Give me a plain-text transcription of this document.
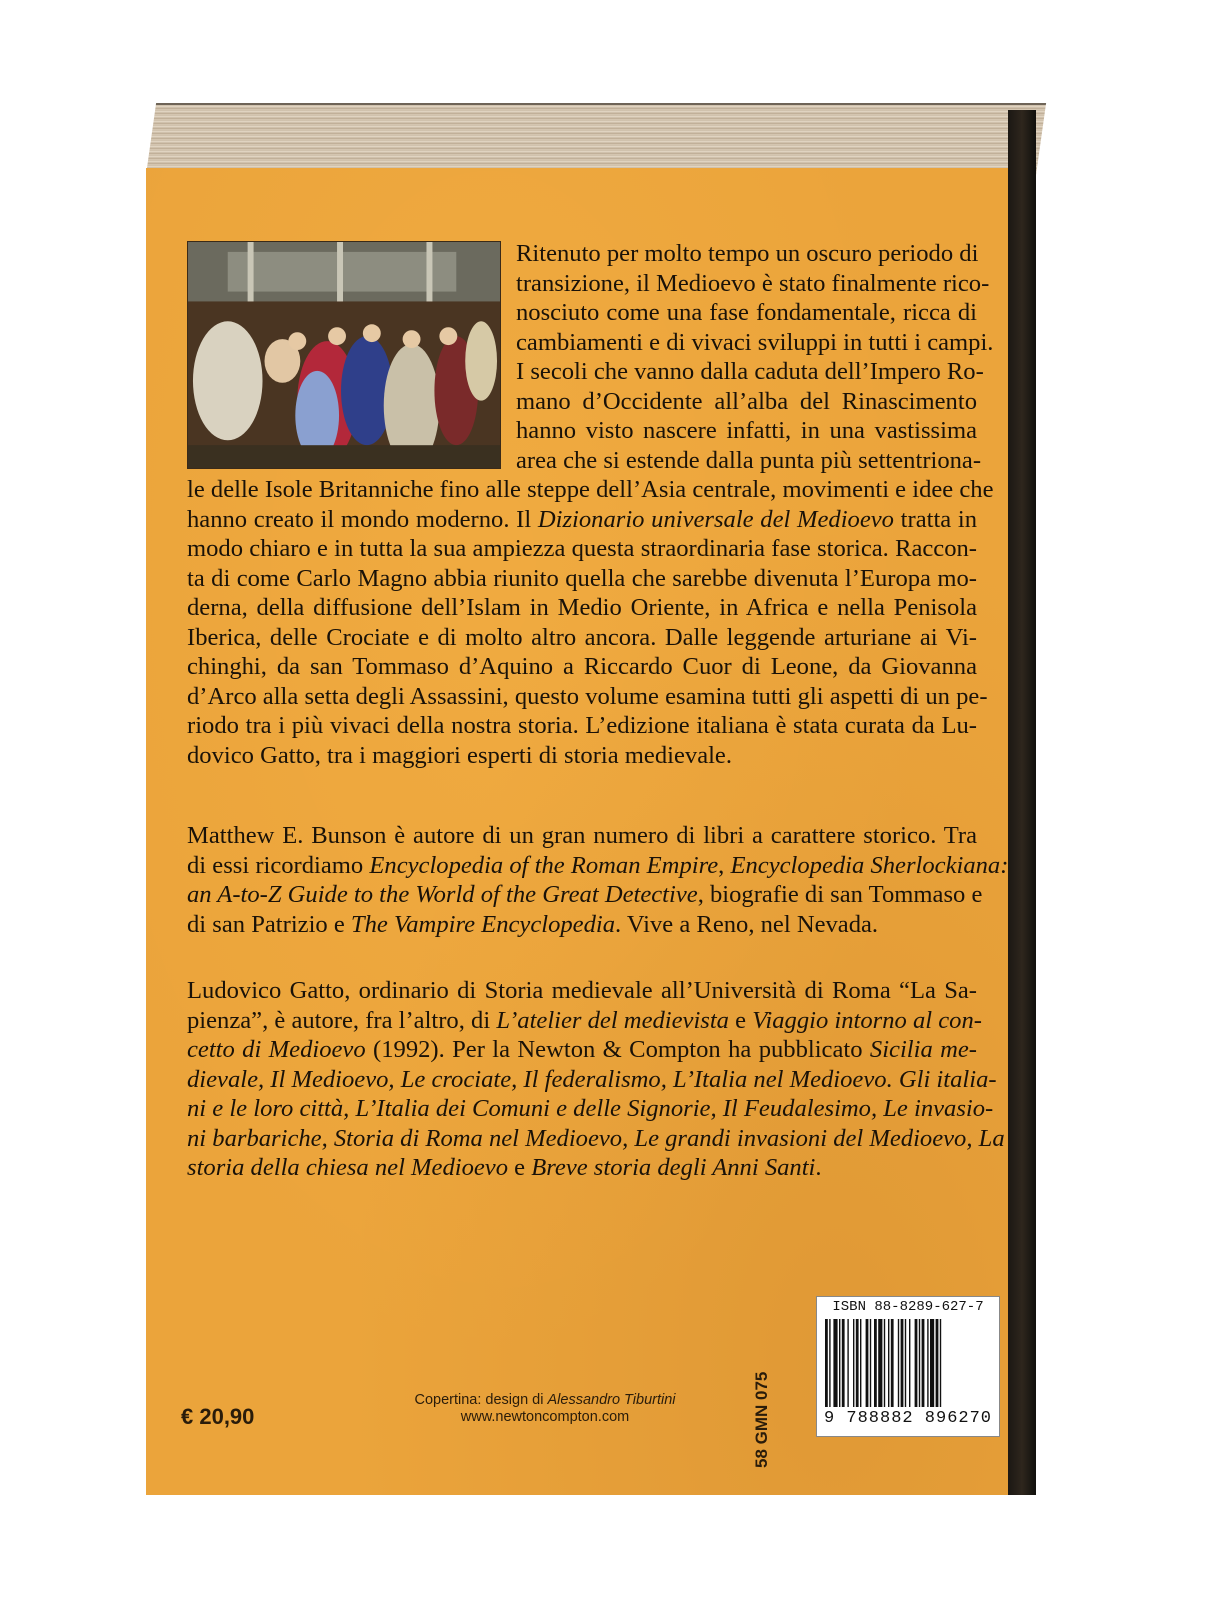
Ritenuto per molto tempo un oscuro periodo di
transizione, il Medioevo è stato finalmente rico-
nosciuto come una fase fondamentale, ricca di
cambiamenti e di vivaci sviluppi in tutti i campi.
I secoli che vanno dalla caduta dell’Impero Ro-
mano d’Occidente all’alba del Rinascimento
hanno visto nascere infatti, in una vastissima
area che si estende dalla punta più settentriona-
le delle Isole Britanniche fino alle steppe dell’Asia centrale, movimenti e idee che
hanno creato il mondo moderno. Il Dizionario universale del Medioevo tratta in
modo chiaro e in tutta la sua ampiezza questa straordinaria fase storica. Raccon-
ta di come Carlo Magno abbia riunito quella che sarebbe divenuta l’Europa mo-
derna, della diffusione dell’Islam in Medio Oriente, in Africa e nella Penisola
Iberica, delle Crociate e di molto altro ancora. Dalle leggende arturiane ai Vi-
chinghi, da san Tommaso d’Aquino a Riccardo Cuor di Leone, da Giovanna
d’Arco alla setta degli Assassini, questo volume esamina tutti gli aspetti di un pe-
riodo tra i più vivaci della nostra storia. L’edizione italiana è stata curata da Lu-
dovico Gatto, tra i maggiori esperti di storia medievale.
Matthew E. Bunson è autore di un gran numero di libri a carattere storico. Tra
di essi ricordiamo Encyclopedia of the Roman Empire, Encyclopedia Sherlockiana:
an A-to-Z Guide to the World of the Great Detective, biografie di san Tommaso e
di san Patrizio e The Vampire Encyclopedia. Vive a Reno, nel Nevada.
Ludovico Gatto, ordinario di Storia medievale all’Università di Roma “La Sa-
pienza”, è autore, fra l’altro, di L’atelier del medievista e Viaggio intorno al con-
cetto di Medioevo (1992). Per la Newton & Compton ha pubblicato Sicilia me-
dievale, Il Medioevo, Le crociate, Il federalismo, L’Italia nel Medioevo. Gli italia-
ni e le loro città, L’Italia dei Comuni e delle Signorie, Il Feudalesimo, Le invasio-
ni barbariche, Storia di Roma nel Medioevo, Le grandi invasioni del Medioevo, La
storia della chiesa nel Medioevo e Breve storia degli Anni Santi.
€ 20,90
Copertina: design di Alessandro Tiburtini
www.newtoncompton.com	58 GMN 075
ISBN 88-8289-627-7
9 788882 896270
